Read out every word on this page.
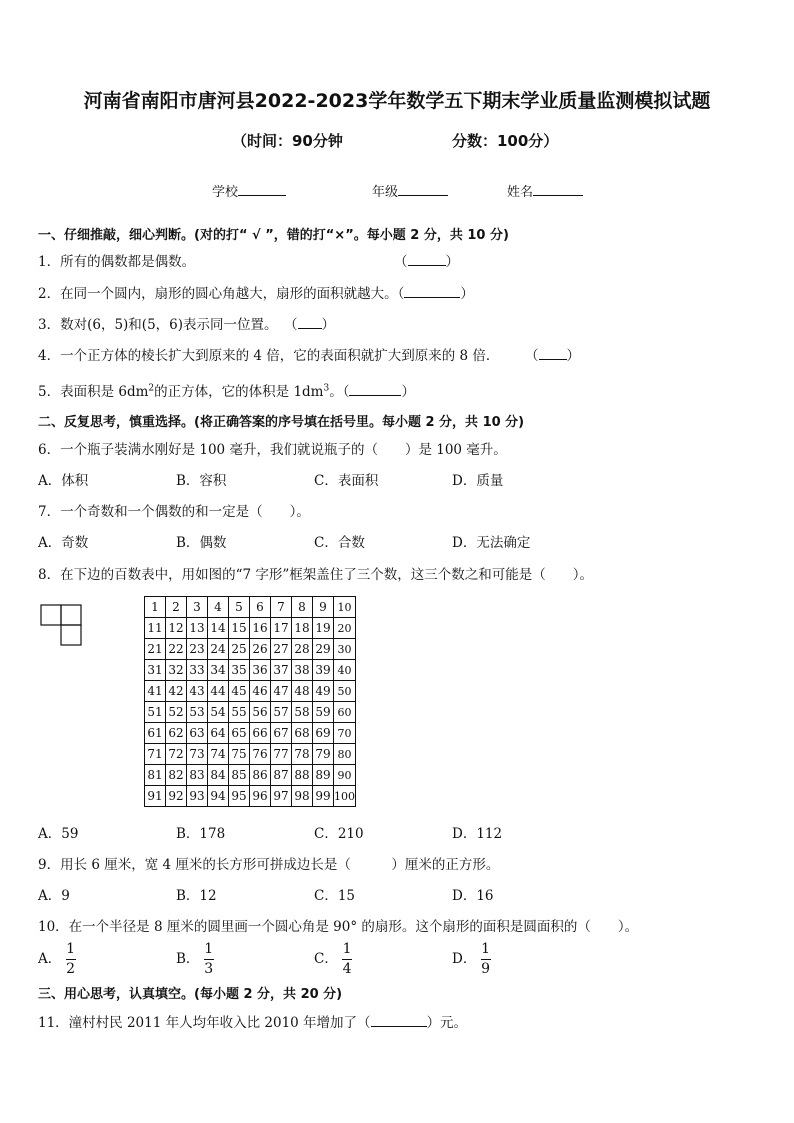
河南省南阳市唐河县2022-2023学年数学五下期末学业质量监测模拟试题
（时间：90分钟	分数：100分）
学校	年级	姓名
一、仔细推敲，细心判断。(对的打“ √ ”，错的打“×”。每小题 2 分，共 10 分)
1．所有的偶数都是偶数。	（	）
2．在同一个圆内，扇形的圆心角越大，扇形的面积就越大。（	）
3．数对(6，5)和(5，6)表示同一位置。 （ ）
4．一个正方体的棱长扩大到原来的 4 倍，它的表面积就扩大到原来的 8 倍． （ ）
5．表面积是 $6dm^2$的正方体，它的体积是 $1dm^3$。（	）
二、反复思考，慎重选择。(将正确答案的序号填在括号里。每小题 2 分，共 10 分)
6．一个瓶子装满水刚好是 100 毫升，我们就说瓶子的（　　）是 100 毫升。
A．体积	B．容积	C．表面积	D．质量
7．一个奇数和一个偶数的和一定是（　　）。
A．奇数	B．偶数	C．合数	D．无法确定
8．在下边的百数表中，用如图的“7 字形”框架盖住了三个数，这三个数之和可能是（　　）。
1	2	3	4	5	6	7	8	9	10
11	12	13	14	15	16	17	18	19	20
21	22	23	24	25	26	27	28	29	30
31	32	33	34	35	36	37	38	39	40
41	42	43	44	45	46	47	48	49	50
51	52	53	54	55	56	57	58	59	60
61	62	63	64	65	66	67	68	69	70
71	72	73	74	75	76	77	78	79	80
81	82	83	84	85	86	87	88	89	90
91	92	93	94	95	96	97	98	99	100
A．59	B．178	C．210	D．112
9．用长 6 厘米，宽 4 厘米的长方形可拼成边长是（　　　）厘米的正方形。
A．9	B．12	C．15	D．16
10．在一个半径是 8 厘米的圆里画一个圆心角是 90° 的扇形。这个扇形的面积是圆面积的（　　）。
A． $\frac{1}{2}$	B． $\frac{1}{3}$	C． $\frac{1}{4}$	D． $\frac{1}{9}$
三、用心思考，认真填空。(每小题 2 分，共 20 分)
11．潼村村民 2011 年人均年收入比 2010 年增加了（	）元。
